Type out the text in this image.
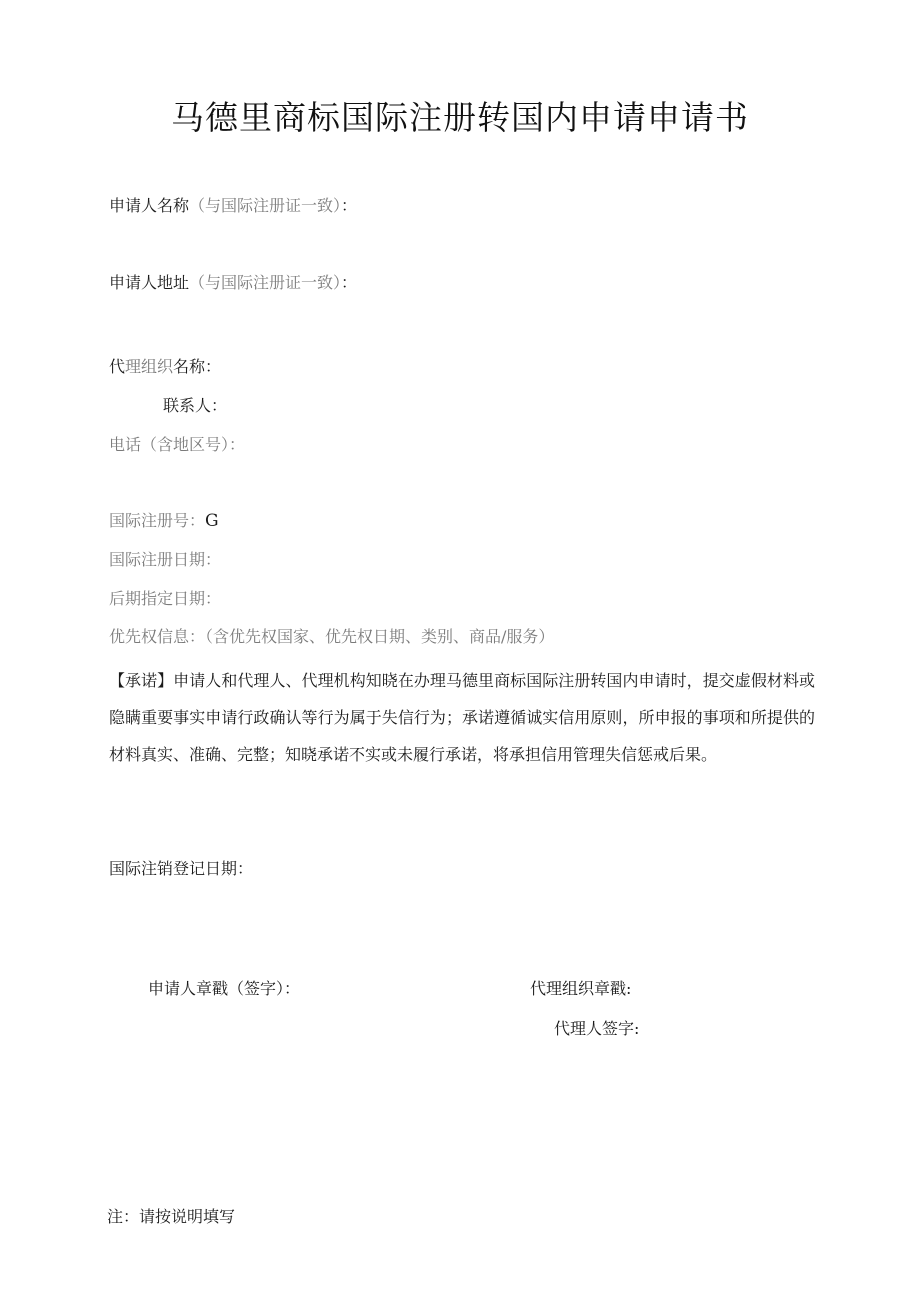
马德里商标国际注册转国内申请申请书
申请人名称（与国际注册证一致）：
申请人地址（与国际注册证一致）：
代理组织名称：
联系人：
电话（含地区号）：
国际注册号：G
国际注册日期：
后期指定日期：
优先权信息：（含优先权国家、优先权日期、类别、商品/服务）
【承诺】申请人和代理人、代理机构知晓在办理马德里商标国际注册转国内申请时，提交虚假材料或隐瞒重要事实申请行政确认等行为属于失信行为；承诺遵循诚实信用原则，所申报的事项和所提供的材料真实、准确、完整；知晓承诺不实或未履行承诺，将承担信用管理失信惩戒后果。
国际注销登记日期：
申请人章戳（签字）：	代理组织章戳:
代理人签字:
注：请按说明填写
